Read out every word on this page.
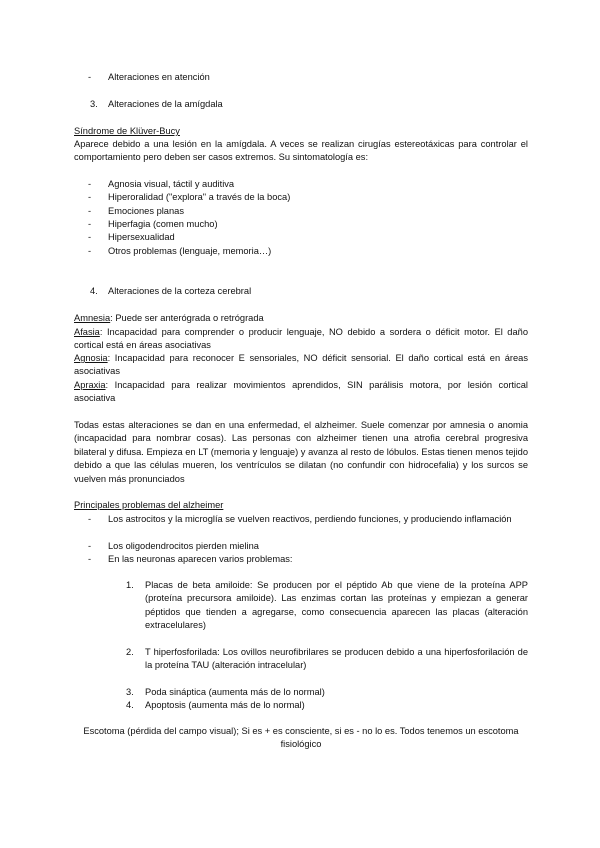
- Alteraciones en atención
3. Alteraciones de la amígdala
Síndrome de Klüver-Bucy
Aparece debido a una lesión en la amígdala. A veces se realizan cirugías estereotáxicas para controlar el comportamiento pero deben ser casos extremos. Su sintomatología es:
- Agnosia visual, táctil y auditiva
- Hiperoralidad ("explora" a través de la boca)
- Emociones planas
- Hiperfagia (comen mucho)
- Hipersexualidad
- Otros problemas (lenguaje, memoria…)
4. Alteraciones de la corteza cerebral
Amnesia: Puede ser anterógrada o retrógrada
Afasia: Incapacidad para comprender o producir lenguaje, NO debido a sordera o déficit motor. El daño cortical está en áreas asociativas
Agnosia: Incapacidad para reconocer E sensoriales, NO déficit sensorial. El daño cortical está en áreas asociativas
Apraxia: Incapacidad para realizar movimientos aprendidos, SIN parálisis motora, por lesión cortical asociativa
Todas estas alteraciones se dan en una enfermedad, el alzheimer. Suele comenzar por amnesia o anomia (incapacidad para nombrar cosas). Las personas con alzheimer tienen una atrofia cerebral progresiva bilateral y difusa. Empieza en LT (memoria y lenguaje) y avanza al resto de lóbulos. Estas tienen menos tejido debido a que las células mueren, los ventrículos se dilatan (no confundir con hidrocefalia) y los surcos se vuelven más pronunciados
Principales problemas del alzheimer
- Los astrocitos y la microglía se vuelven reactivos, perdiendo funciones, y produciendo inflamación
- Los oligodendrocitos pierden mielina
- En las neuronas aparecen varios problemas:
1. Placas de beta amiloide: Se producen por el péptido Ab que viene de la proteína APP (proteína precursora amiloide). Las enzimas cortan las proteínas y empiezan a generar péptidos que tienden a agregarse, como consecuencia aparecen las placas (alteración extracelulares)
2. T hiperfosforilada: Los ovillos neurofibrilares se producen debido a una hiperfosforilación de la proteína TAU (alteración intracelular)
3. Poda sináptica (aumenta más de lo normal)
4. Apoptosis (aumenta más de lo normal)
Escotoma (pérdida del campo visual); Si es + es consciente, si es - no lo es. Todos tenemos un escotoma fisiológico
